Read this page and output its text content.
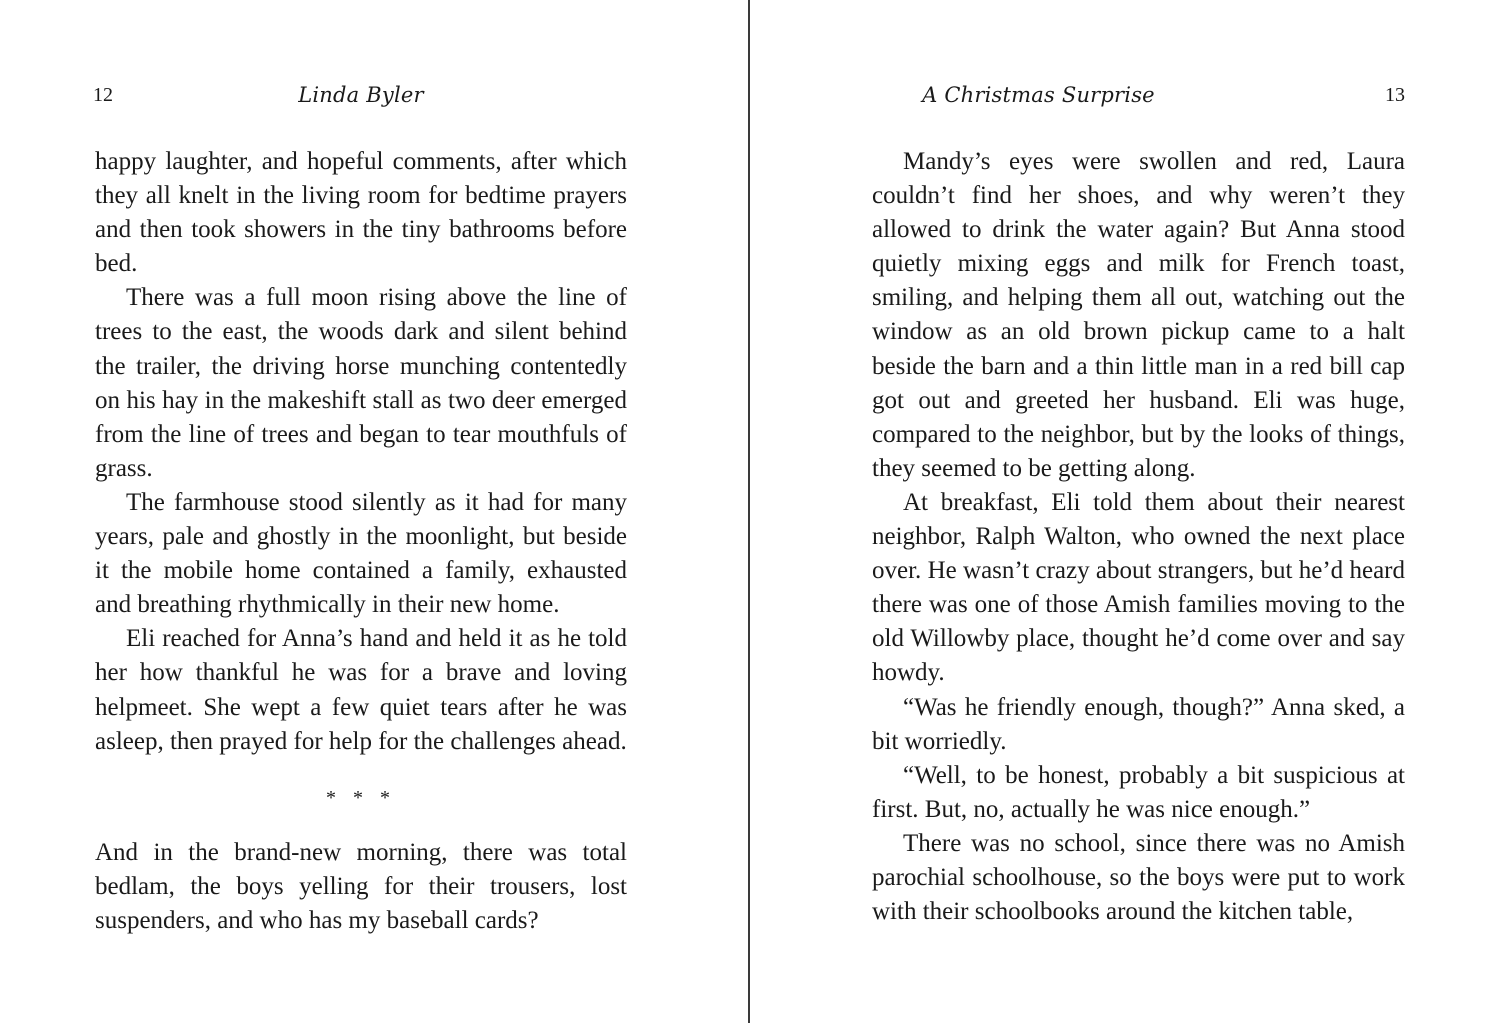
12	Linda Byler

happy laughter, and hopeful comments, after which they all knelt in the living room for bedtime prayers and then took showers in the tiny bathrooms before bed.

There was a full moon rising above the line of trees to the east, the woods dark and silent behind the trailer, the driving horse munching contentedly on his hay in the makeshift stall as two deer emerged from the line of trees and began to tear mouthfuls of grass.

The farmhouse stood silently as it had for many years, pale and ghostly in the moonlight, but beside it the mobile home contained a family, exhausted and breathing rhythmically in their new home.

Eli reached for Anna’s hand and held it as he told her how thankful he was for a brave and loving helpmeet. She wept a few quiet tears after he was asleep, then prayed for help for the challenges ahead.

* * *

And in the brand-new morning, there was total bedlam, the boys yelling for their trousers, lost suspenders, and who has my baseball cards?

A Christmas Surprise	13

Mandy’s eyes were swollen and red, Laura couldn’t find her shoes, and why weren’t they allowed to drink the water again? But Anna stood quietly mixing eggs and milk for French toast, smiling, and helping them all out, watching out the window as an old brown pickup came to a halt beside the barn and a thin little man in a red bill cap got out and greeted her husband. Eli was huge, compared to the neighbor, but by the looks of things, they seemed to be getting along.

At breakfast, Eli told them about their nearest neighbor, Ralph Walton, who owned the next place over. He wasn’t crazy about strangers, but he’d heard there was one of those Amish families moving to the old Willowby place, thought he’d come over and say howdy.

“Was he friendly enough, though?” Anna sked, a bit worriedly.

“Well, to be honest, probably a bit suspicious at first. But, no, actually he was nice enough.”

There was no school, since there was no Amish parochial schoolhouse, so the boys were put to work with their schoolbooks around the kitchen table,
